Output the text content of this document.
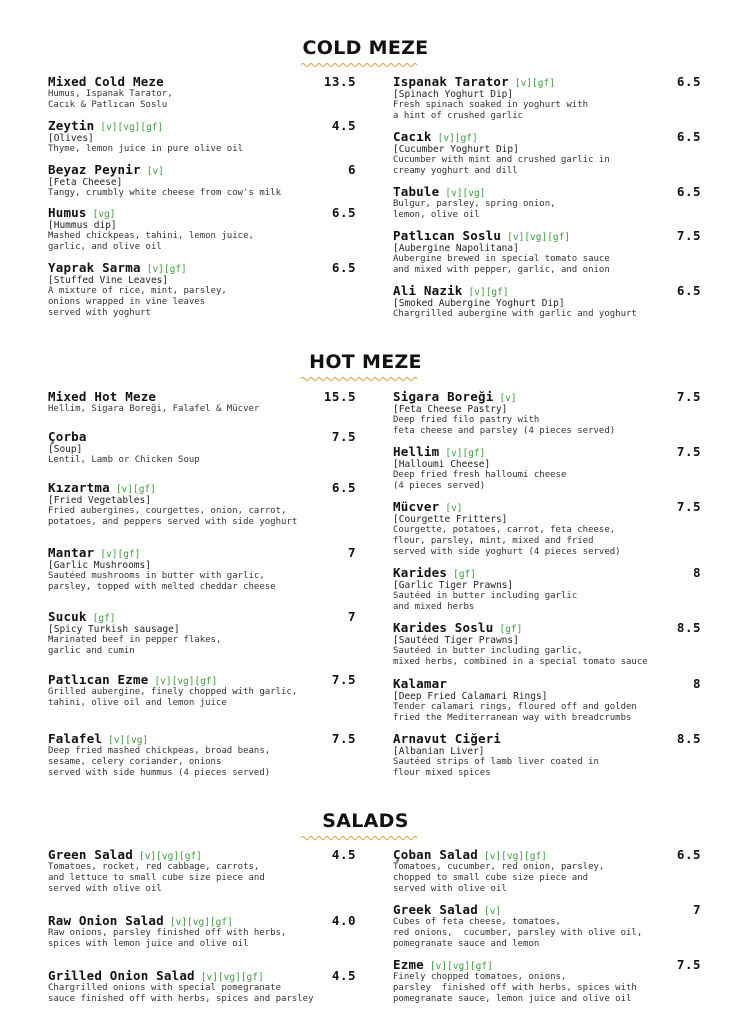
COLD MEZE
HOT MEZE
SALADS
Mixed Cold Meze	13.5
Humus, Ispanak Tarator,
Cacık & Patlıcan Soslu
Zeytin [v][vg][gf]	4.5
[Olives]
Thyme, lemon juice in pure olive oil
Beyaz Peynir [v]	6
[Feta Cheese]
Tangy, crumbly white cheese from cow's milk
Humus [vg]	6.5
[Hummus dip]
Mashed chickpeas, tahini, lemon juice,
garlic, and olive oil
Yaprak Sarma [v][gf]	6.5
[Stuffed Vine Leaves]
A mixture of rice, mint, parsley,
onions wrapped in vine leaves
served with yoghurt
Ispanak Tarator [v][gf]	6.5
[Spinach Yoghurt Dip]
Fresh spinach soaked in yoghurt with
a hint of crushed garlic
Cacık [v][gf]	6.5
[Cucumber Yoghurt Dip]
Cucumber with mint and crushed garlic in
creamy yoghurt and dill
Tabule [v][vg]	6.5
Bulgur, parsley, spring onion,
lemon, olive oil
Patlıcan Soslu [v][vg][gf]	7.5
[Aubergine Napolitana]
Aubergine brewed in special tomato sauce
and mixed with pepper, garlic, and onion
Ali Nazik [v][gf]	6.5
[Smoked Aubergine Yoghurt Dip]
Chargrilled aubergine with garlic and yoghurt
Mixed Hot Meze	15.5
Hellim, Sigara Boreği, Falafel & Mücver
Çorba	7.5
[Soup]
Lentil, Lamb or Chicken Soup
Kızartma [v][gf]	6.5
[Fried Vegetables]
Fried aubergines, courgettes, onion, carrot,
potatoes, and peppers served with side yoghurt
Mantar [v][gf]	7
[Garlic Mushrooms]
Sautéed mushrooms in butter with garlic,
parsley, topped with melted cheddar cheese
Sucuk [gf]	7
[Spicy Turkish sausage]
Marinated beef in pepper flakes,
garlic and cumin
Patlıcan Ezme [v][vg][gf]	7.5
Grilled aubergine, finely chopped with garlic,
tahini, olive oil and lemon juice
Falafel [v][vg]	7.5
Deep fried mashed chickpeas, broad beans,
sesame, celery coriander, onions
served with side hummus (4 pieces served)
Sigara Boreği [v]	7.5
[Feta Cheese Pastry]
Deep fried filo pastry with
feta cheese and parsley (4 pieces served)
Hellim [v][gf]	7.5
[Halloumi Cheese]
Deep fried fresh halloumi cheese
(4 pieces served)
Mücver [v]	7.5
[Courgette Fritters]
Courgette, potatoes, carrot, feta cheese,
flour, parsley, mint, mixed and fried
served with side yoghurt (4 pieces served)
Karides [gf]	8
[Garlic Tiger Prawns]
Sautéed in butter including garlic
and mixed herbs
Karides Soslu [gf]	8.5
[Sautéed Tiger Prawns]
Sautéed in butter including garlic,
mixed herbs, combined in a special tomato sauce
Kalamar	8
[Deep Fried Calamari Rings]
Tender calamari rings, floured off and golden
fried the Mediterranean way with breadcrumbs
Arnavut Ciğeri	8.5
[Albanian Liver]
Sautéed strips of lamb liver coated in
flour mixed spices
Green Salad [v][vg][gf]	4.5
Tomatoes, rocket, red cabbage, carrots,
and lettuce to small cube size piece and
served with olive oil
Raw Onion Salad [v][vg][gf]	4.0
Raw onions, parsley finished off with herbs,
spices with lemon juice and olive oil
Grilled Onion Salad [v][vg][gf]	4.5
Chargrilled onions with special pomegranate
sauce finished off with herbs, spices and parsley
Çoban Salad [v][vg][gf]	6.5
Tomatoes, cucumber, red onion, parsley,
chopped to small cube size piece and
served with olive oil
Greek Salad [v]	7
Cubes of feta cheese, tomatoes,
red onions,  cucumber, parsley with olive oil,
pomegranate sauce and lemon
Ezme [v][vg][gf]	7.5
Finely chopped tomatoes, onions,
parsley  finished off with herbs, spices with
pomegranate sauce, lemon juice and olive oil
